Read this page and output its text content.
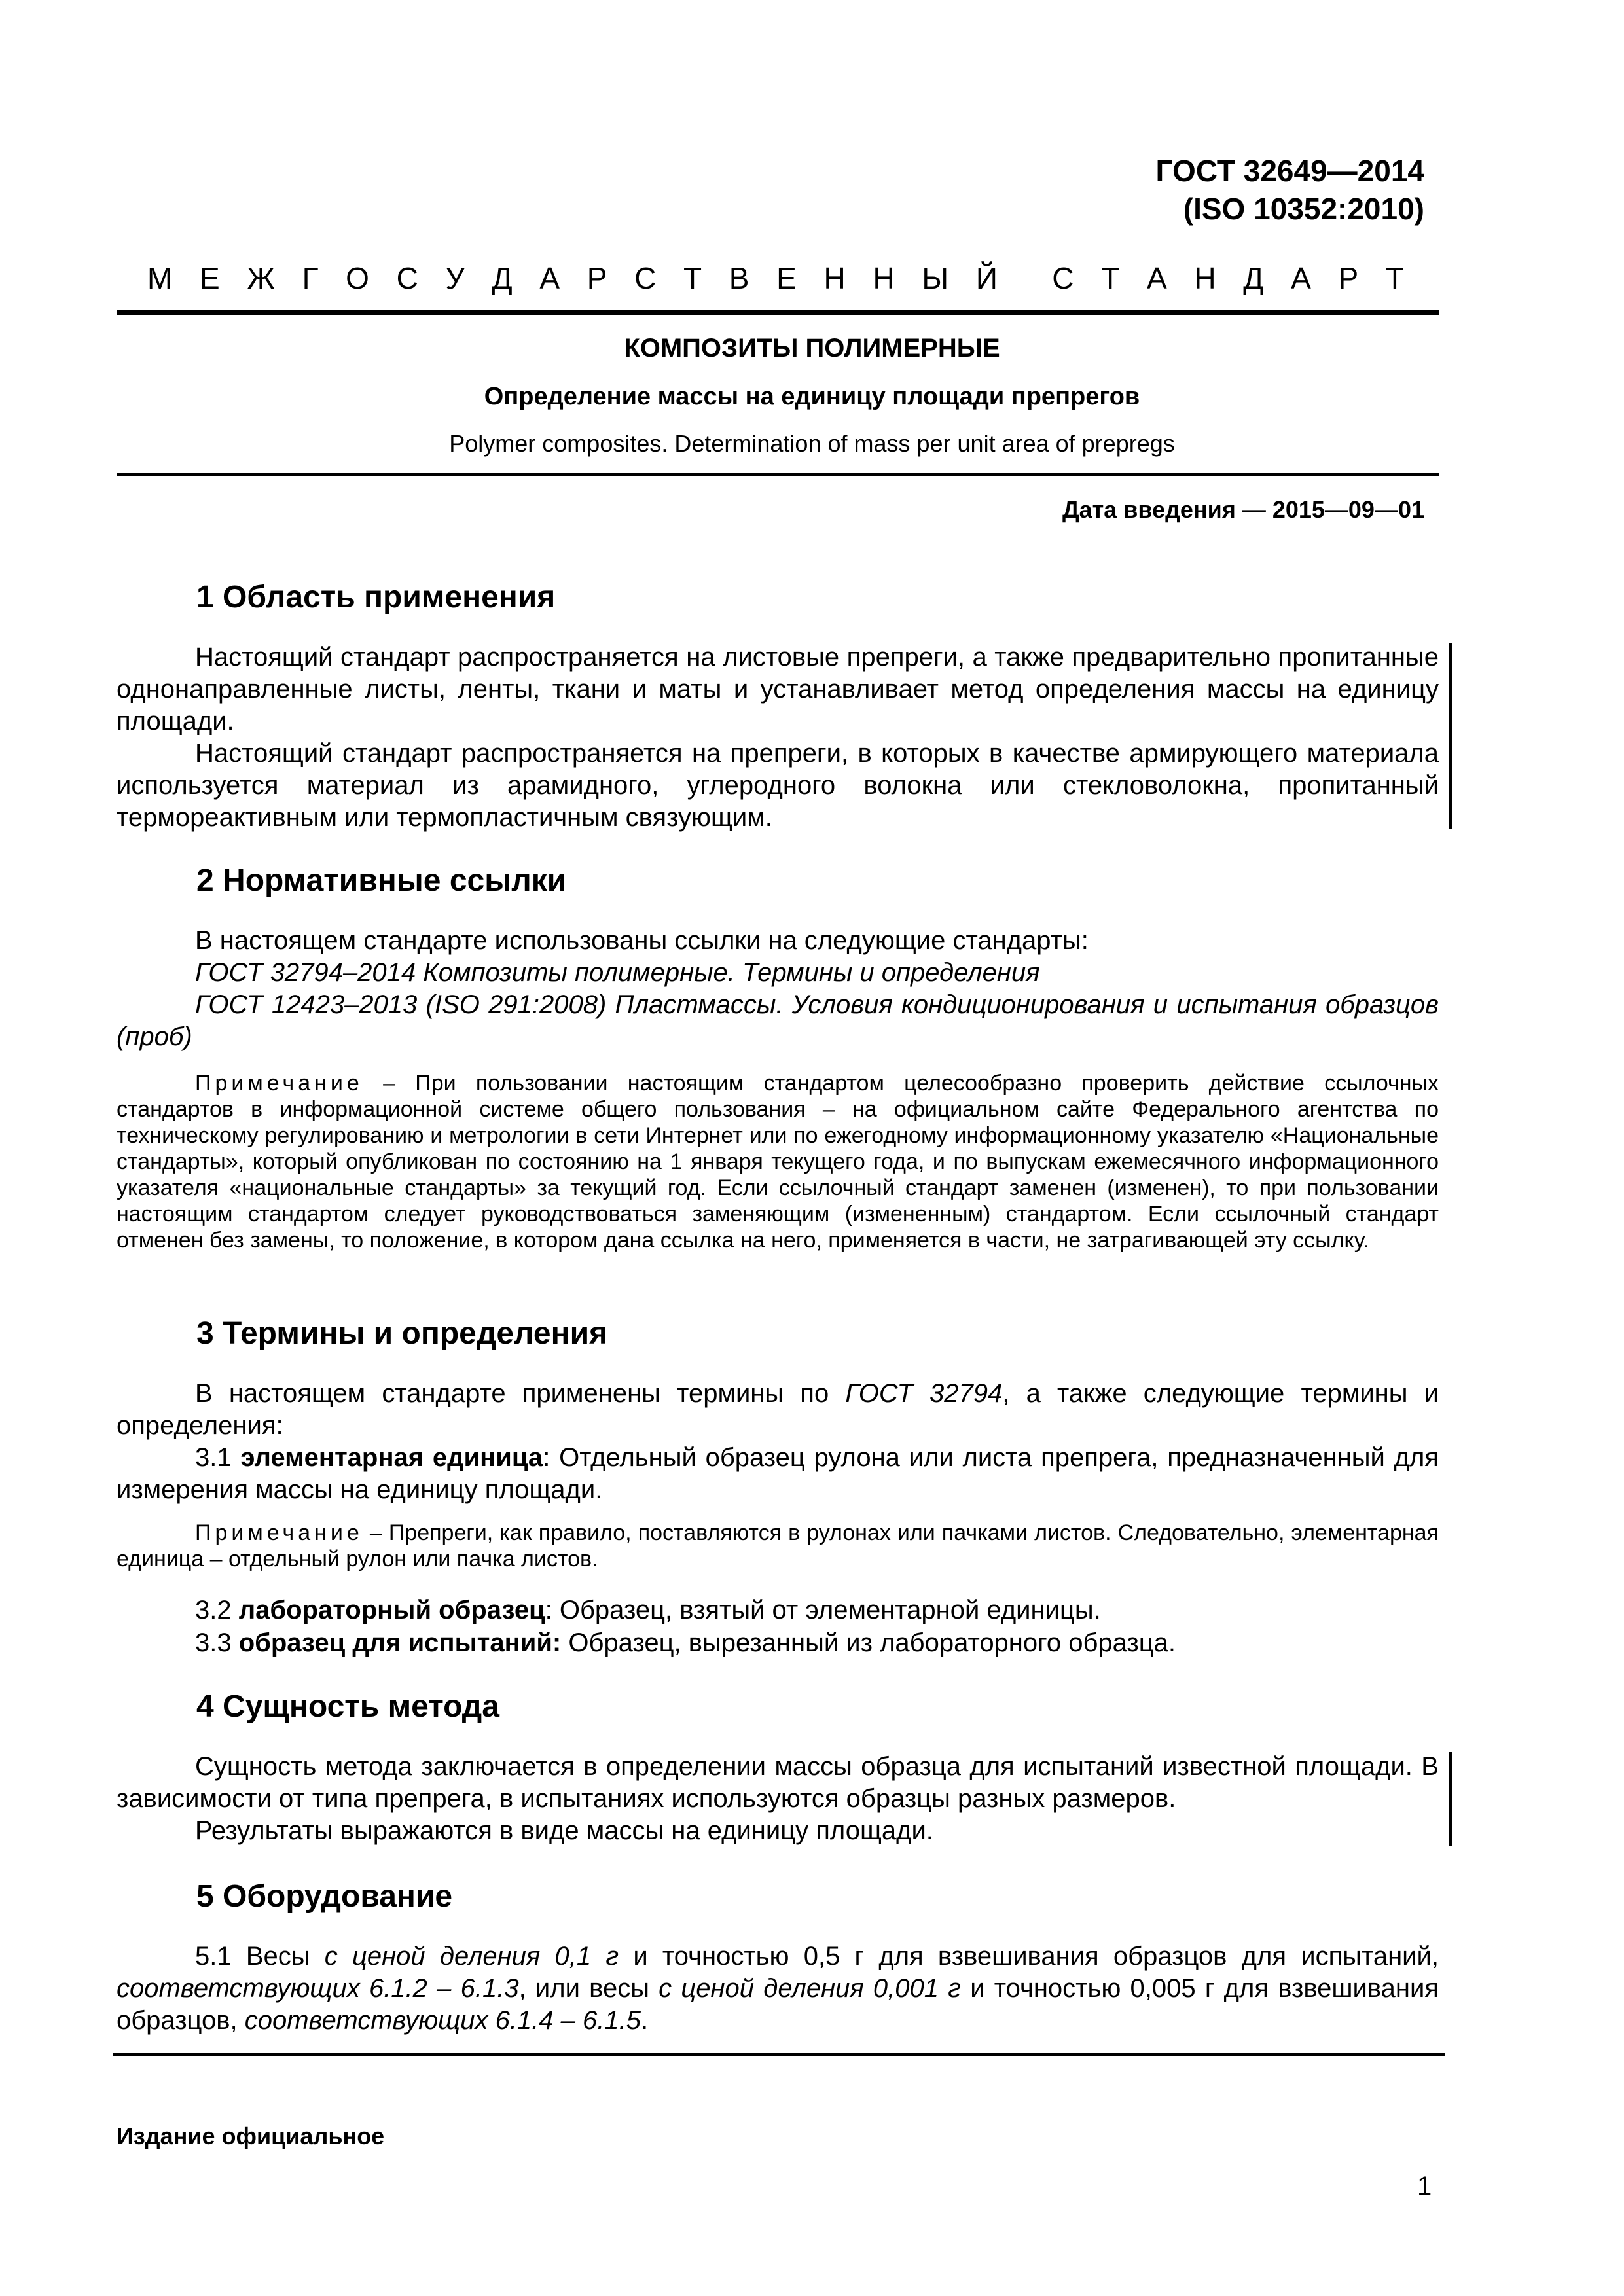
ГОСТ 32649—2014
(ISO 10352:2010)
М Е Ж Г О С У Д А Р С Т В Е Н Н Ы Й С Т А Н Д А Р Т
КОМПОЗИТЫ ПОЛИМЕРНЫЕ
Определение массы на единицу площади препрегов
Polymer composites. Determination of mass per unit area of prepregs
Дата введения — 2015—09—01
1 Область применения

Настоящий стандарт распространяется на листовые препреги, а также предварительно пропитанные однонаправленные листы, ленты, ткани и маты и устанавливает метод определения массы на единицу площади.

Настоящий стандарт распространяется на препреги, в которых в качестве армирующего материала используется материал из арамидного, углеродного волокна или стекловолокна, пропитанный термореактивным или термопластичным связующим.

2 Нормативные ссылки

В настоящем стандарте использованы ссылки на следующие стандарты:

ГОСТ 32794–2014 Композиты полимерные. Термины и определения

ГОСТ 12423–2013 (ISO 291:2008) Пластмассы. Условия кондиционирования и испытания образцов (проб)

Примечание – При пользовании настоящим стандартом целесообразно проверить действие ссылочных стандартов в информационной системе общего пользования – на официальном сайте Федерального агентства по техническому регулированию и метрологии в сети Интернет или по ежегодному информационному указателю «Национальные стандарты», который опубликован по состоянию на 1 января текущего года, и по выпускам ежемесячного информационного указателя «национальные стандарты» за текущий год. Если ссылочный стандарт заменен (изменен), то при пользовании настоящим стандартом следует руководствоваться заменяющим (измененным) стандартом. Если ссылочный стандарт отменен без замены, то положение, в котором дана ссылка на него, применяется в части, не затрагивающей эту ссылку.

3 Термины и определения

В настоящем стандарте применены термины по ГОСТ 32794, а также следующие термины и определения:

3.1 элементарная единица: Отдельный образец рулона или листа препрега, предназначенный для измерения массы на единицу площади.

Примечание – Препреги, как правило, поставляются в рулонах или пачками листов. Следовательно, элементарная единица – отдельный рулон или пачка листов.

3.2 лабораторный образец: Образец, взятый от элементарной единицы.

3.3 образец для испытаний: Образец, вырезанный из лабораторного образца.

4 Сущность метода

Сущность метода заключается в определении массы образца для испытаний известной площади. В зависимости от типа препрега, в испытаниях используются образцы разных размеров.

Результаты выражаются в виде массы на единицу площади.

5 Оборудование

5.1 Весы с ценой деления 0,1 г и точностью 0,5 г для взвешивания образцов для испытаний, соответствующих 6.1.2 – 6.1.3, или весы с ценой деления 0,001 г и точностью 0,005 г для взвешивания образцов, соответствующих 6.1.4 – 6.1.5.

Издание официальное
1
